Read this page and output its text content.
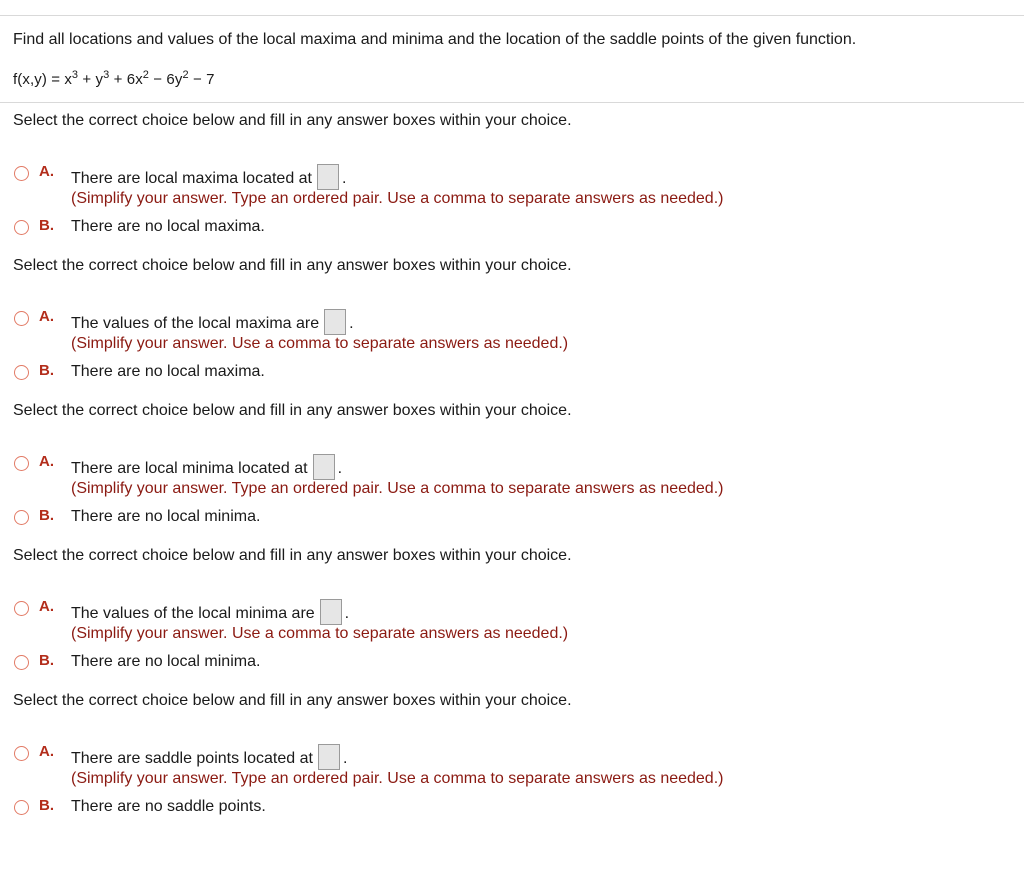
Find all locations and values of the local maxima and minima and the location of the saddle points of the given function.
$f(x,y) = x^3 + y^3 + 6x^2 - 6y^2 - 7$
Select the correct choice below and fill in any answer boxes within your choice.
A. There are local maxima located at .
(Simplify your answer. Type an ordered pair. Use a comma to separate answers as needed.)
B. There are no local maxima.
Select the correct choice below and fill in any answer boxes within your choice.
A. The values of the local maxima are .
(Simplify your answer. Use a comma to separate answers as needed.)
B. There are no local maxima.
Select the correct choice below and fill in any answer boxes within your choice.
A. There are local minima located at .
(Simplify your answer. Type an ordered pair. Use a comma to separate answers as needed.)
B. There are no local minima.
Select the correct choice below and fill in any answer boxes within your choice.
A. The values of the local minima are .
(Simplify your answer. Use a comma to separate answers as needed.)
B. There are no local minima.
Select the correct choice below and fill in any answer boxes within your choice.
A. There are saddle points located at .
(Simplify your answer. Type an ordered pair. Use a comma to separate answers as needed.)
B. There are no saddle points.
